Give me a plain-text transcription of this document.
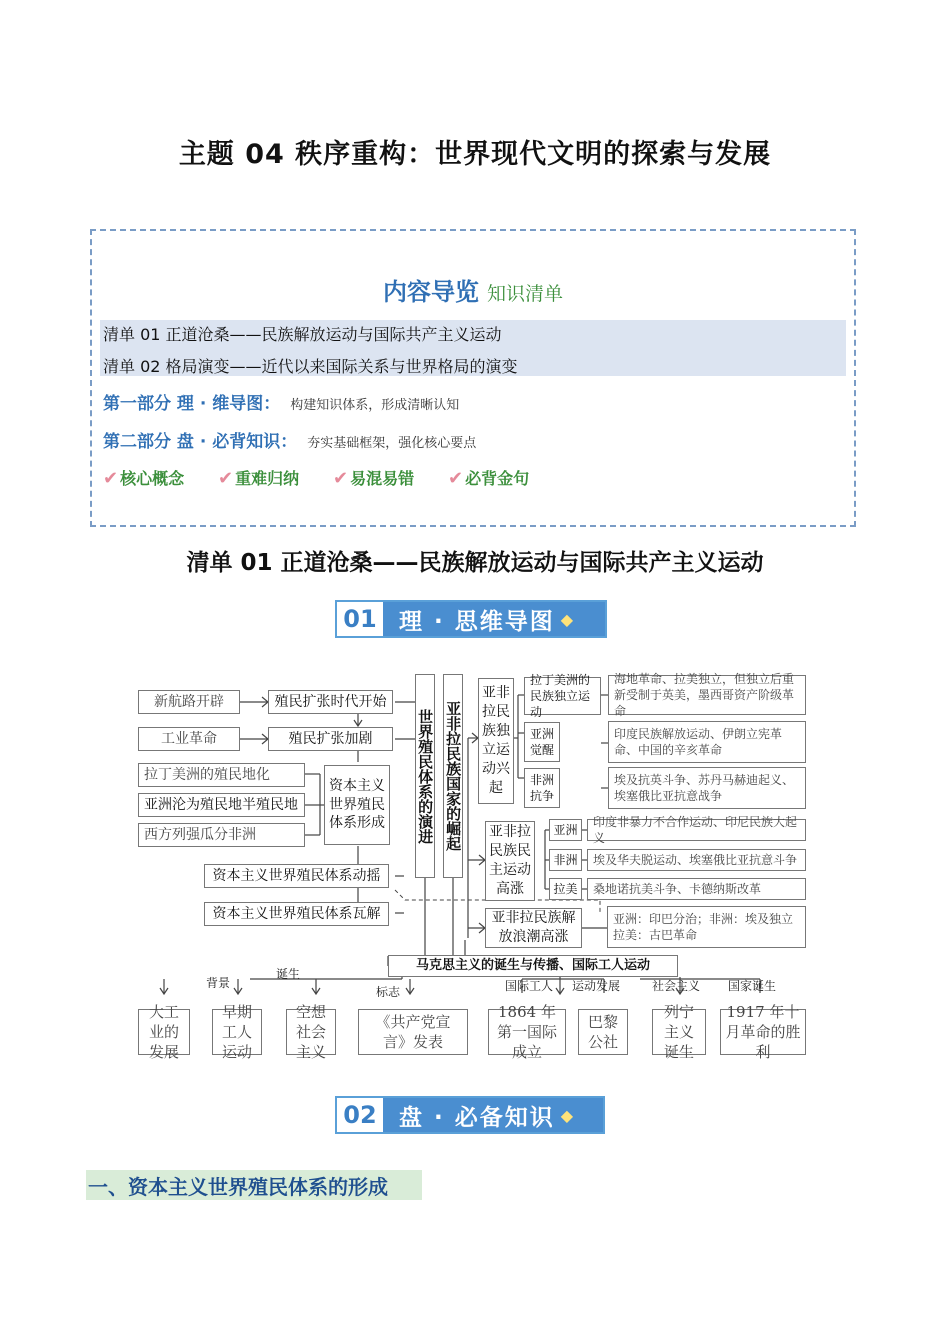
主题 04 秩序重构：世界现代文明的探索与发展
内容导览 知识清单
清单 01 正道沧桑——民族解放运动与国际共产主义运动
清单 02 格局演变——近代以来国际关系与世界格局的演变
第一部分 理 · 维导图： 构建知识体系，形成清晰认知
第二部分 盘 · 必背知识： 夯实基础框架，强化核心要点
✔ 核心概念 ✔ 重难归纳 ✔ 易混易错 ✔ 必背金句
清单 01 正道沧桑——民族解放运动与国际共产主义运动
01 理 · 思维导图 ◆
新航路开辟
工业革命
拉丁美洲的殖民地化
亚洲沦为殖民地半殖民地
西方列强瓜分非洲
殖民扩张时代开始
殖民扩张加剧
资本主义世界殖民体系形成
资本主义世界殖民体系动摇
资本主义世界殖民体系瓦解
世界殖民体系的演进 亚非拉民族国家的崛起
亚非拉民族独立运动兴起
拉丁美洲的民族独立运动
海地革命、拉美独立，但独立后重新受制于英美，墨西哥资产阶级革命
亚洲觉醒
印度民族解放运动、伊朗立宪革命、中国的辛亥革命
非洲抗争
埃及抗英斗争、苏丹马赫迪起义、埃塞俄比亚抗意战争
亚非拉民族民主运动高涨
亚洲
印度非暴力不合作运动、印尼民族大起义
非洲	埃及华夫脱运动、埃塞俄比亚抗意斗争
拉美	桑地诺抗美斗争、卡德纳斯改革
亚非拉民族解放浪潮高涨
亚洲：印巴分治；非洲：埃及独立
拉美：古巴革命
马克思主义的诞生与传播、国际工人运动
背景
诞生
标志	国际工人 运动发展	社会主义 国家诞生
大工业的发展
早期工人运动
空想社会主义
《共产党宣言》发表
1864 年第一国际成立
巴黎公社
列宁主义诞生
1917 年十月革命的胜利
02 盘 · 必备知识 ◆
一、资本主义世界殖民体系的形成
